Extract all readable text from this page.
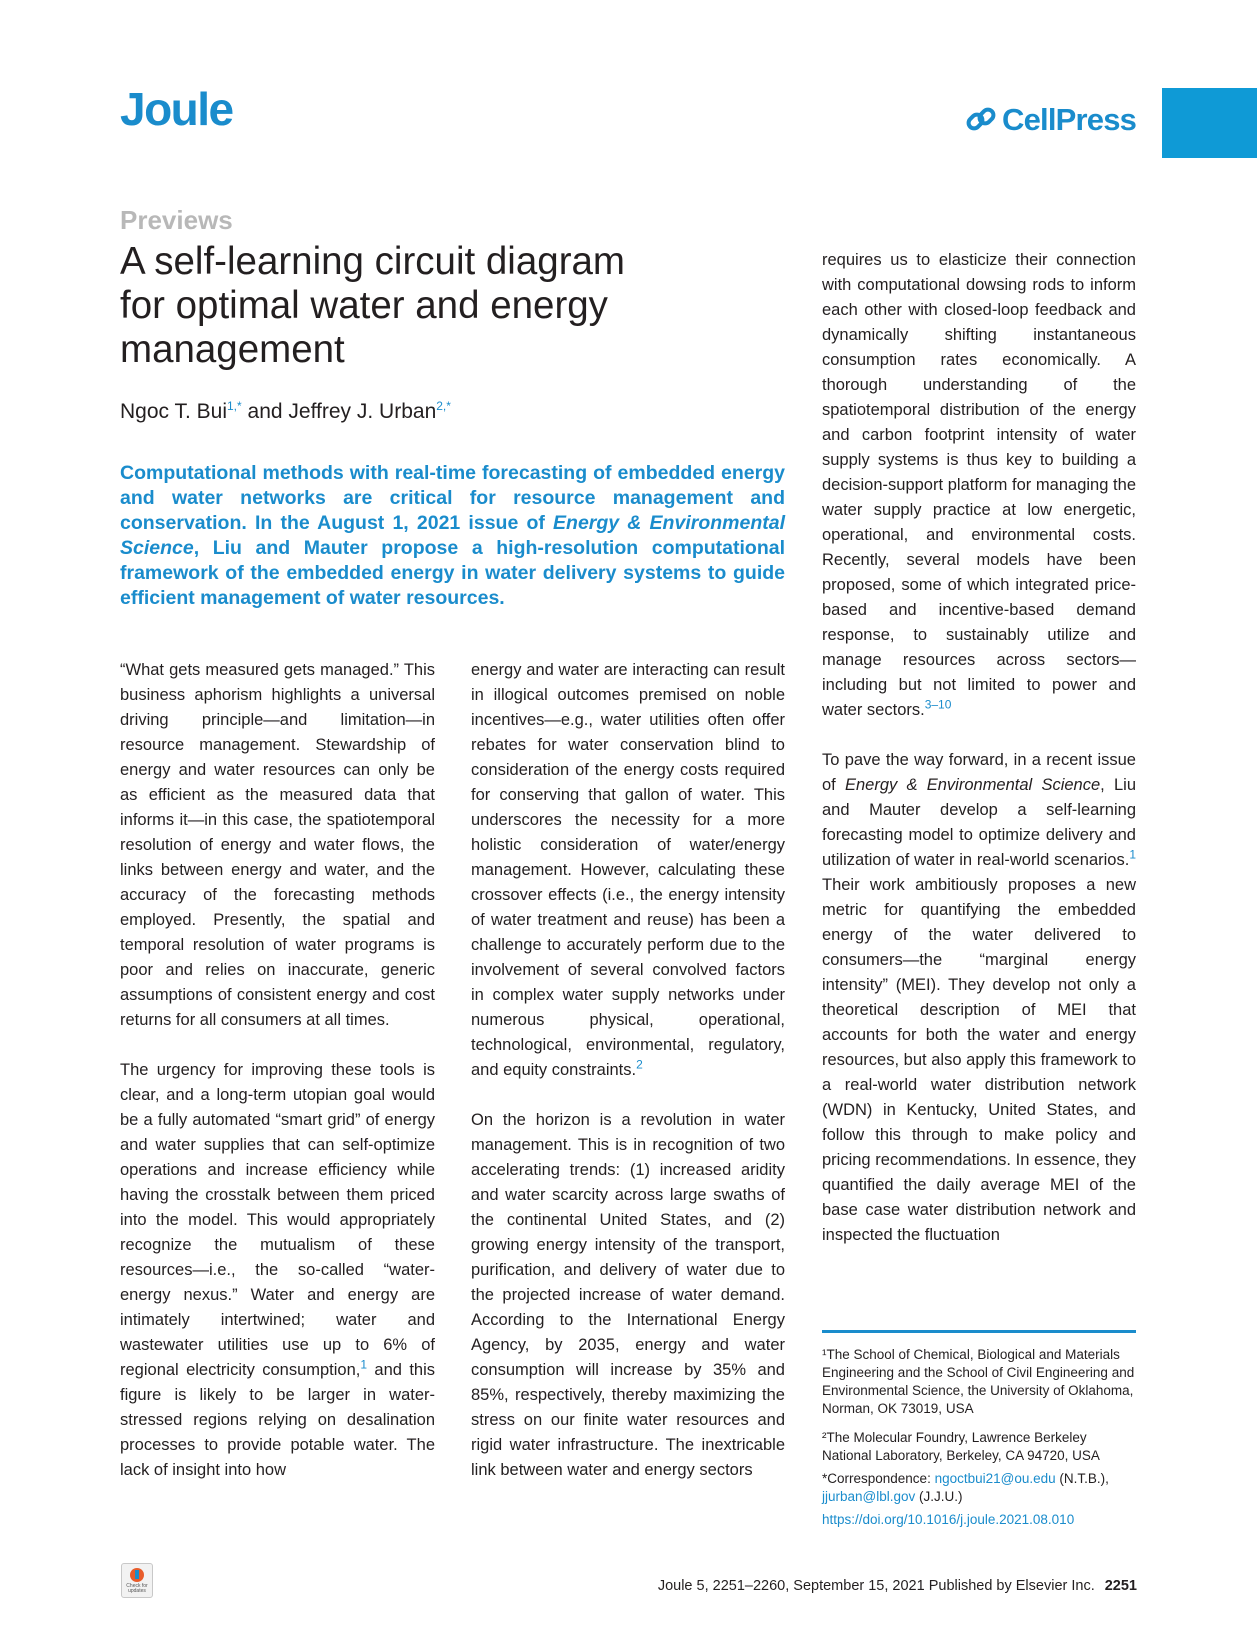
Joule	CellPress
Previews
A self-learning circuit diagram for optimal water and energy management
Ngoc T. Bui$^{1,*}$ and Jeffrey J. Urban$^{2,*}$
Computational methods with real-time forecasting of embedded energy and water networks are critical for resource management and conservation. In the August 1, 2021 issue of Energy & Environmental Science, Liu and Mauter propose a high-resolution computational framework of the embedded energy in water delivery systems to guide efficient management of water resources.

“What gets measured gets managed.” This business aphorism highlights a universal driving principle—and limitation—in resource management. Stewardship of energy and water resources can only be as efficient as the measured data that informs it—in this case, the spatiotemporal resolution of energy and water flows, the links between energy and water, and the accuracy of the forecasting methods employed. Presently, the spatial and temporal resolution of water programs is poor and relies on inaccurate, generic assumptions of consistent energy and cost returns for all consumers at all times.

The urgency for improving these tools is clear, and a long-term utopian goal would be a fully automated “smart grid” of energy and water supplies that can self-optimize operations and increase efficiency while having the crosstalk between them priced into the model. This would appropriately recognize the mutualism of these resources—i.e., the so-called “water-energy nexus.” Water and energy are intimately intertwined; water and wastewater utilities use up to 6% of regional electricity consumption,$^1$ and this figure is likely to be larger in water-stressed regions relying on desalination processes to provide potable water. The lack of insight into how

energy and water are interacting can result in illogical outcomes premised on noble incentives—e.g., water utilities often offer rebates for water conservation blind to consideration of the energy costs required for conserving that gallon of water. This underscores the necessity for a more holistic consideration of water/energy management. However, calculating these crossover effects (i.e., the energy intensity of water treatment and reuse) has been a challenge to accurately perform due to the involvement of several convolved factors in complex water supply networks under numerous physical, operational, technological, environmental, regulatory, and equity constraints.$^2$

On the horizon is a revolution in water management. This is in recognition of two accelerating trends: (1) increased aridity and water scarcity across large swaths of the continental United States, and (2) growing energy intensity of the transport, purification, and delivery of water due to the projected increase of water demand. According to the International Energy Agency, by 2035, energy and water consumption will increase by 35% and 85%, respectively, thereby maximizing the stress on our finite water resources and rigid water infrastructure. The inextricable link between water and energy sectors

requires us to elasticize their connection with computational dowsing rods to inform each other with closed-loop feedback and dynamically shifting instantaneous consumption rates economically. A thorough understanding of the spatiotemporal distribution of the energy and carbon footprint intensity of water supply systems is thus key to building a decision-support platform for managing the water supply practice at low energetic, operational, and environmental costs. Recently, several models have been proposed, some of which integrated price-based and incentive-based demand response, to sustainably utilize and manage resources across sectors—including but not limited to power and water sectors.$^{3-10}$

To pave the way forward, in a recent issue of Energy & Environmental Science, Liu and Mauter develop a self-learning forecasting model to optimize delivery and utilization of water in real-world scenarios.$^1$ Their work ambitiously proposes a new metric for quantifying the embedded energy of the water delivered to consumers—the “marginal energy intensity” (MEI). They develop not only a theoretical description of MEI that accounts for both the water and energy resources, but also apply this framework to a real-world water distribution network (WDN) in Kentucky, United States, and follow this through to make policy and pricing recommendations. In essence, they quantified the daily average MEI of the base case water distribution network and inspected the fluctuation

¹The School of Chemical, Biological and Materials Engineering and the School of Civil Engineering and Environmental Science, the University of Oklahoma, Norman, OK 73019, USA
²The Molecular Foundry, Lawrence Berkeley National Laboratory, Berkeley, CA 94720, USA
*Correspondence: ngoctbui21@ou.edu (N.T.B.), jjurban@lbl.gov (J.J.U.)
https://doi.org/10.1016/j.joule.2021.08.010
Check for updates	Joule 5, 2251–2260, September 15, 2021 Published by Elsevier Inc. 2251
